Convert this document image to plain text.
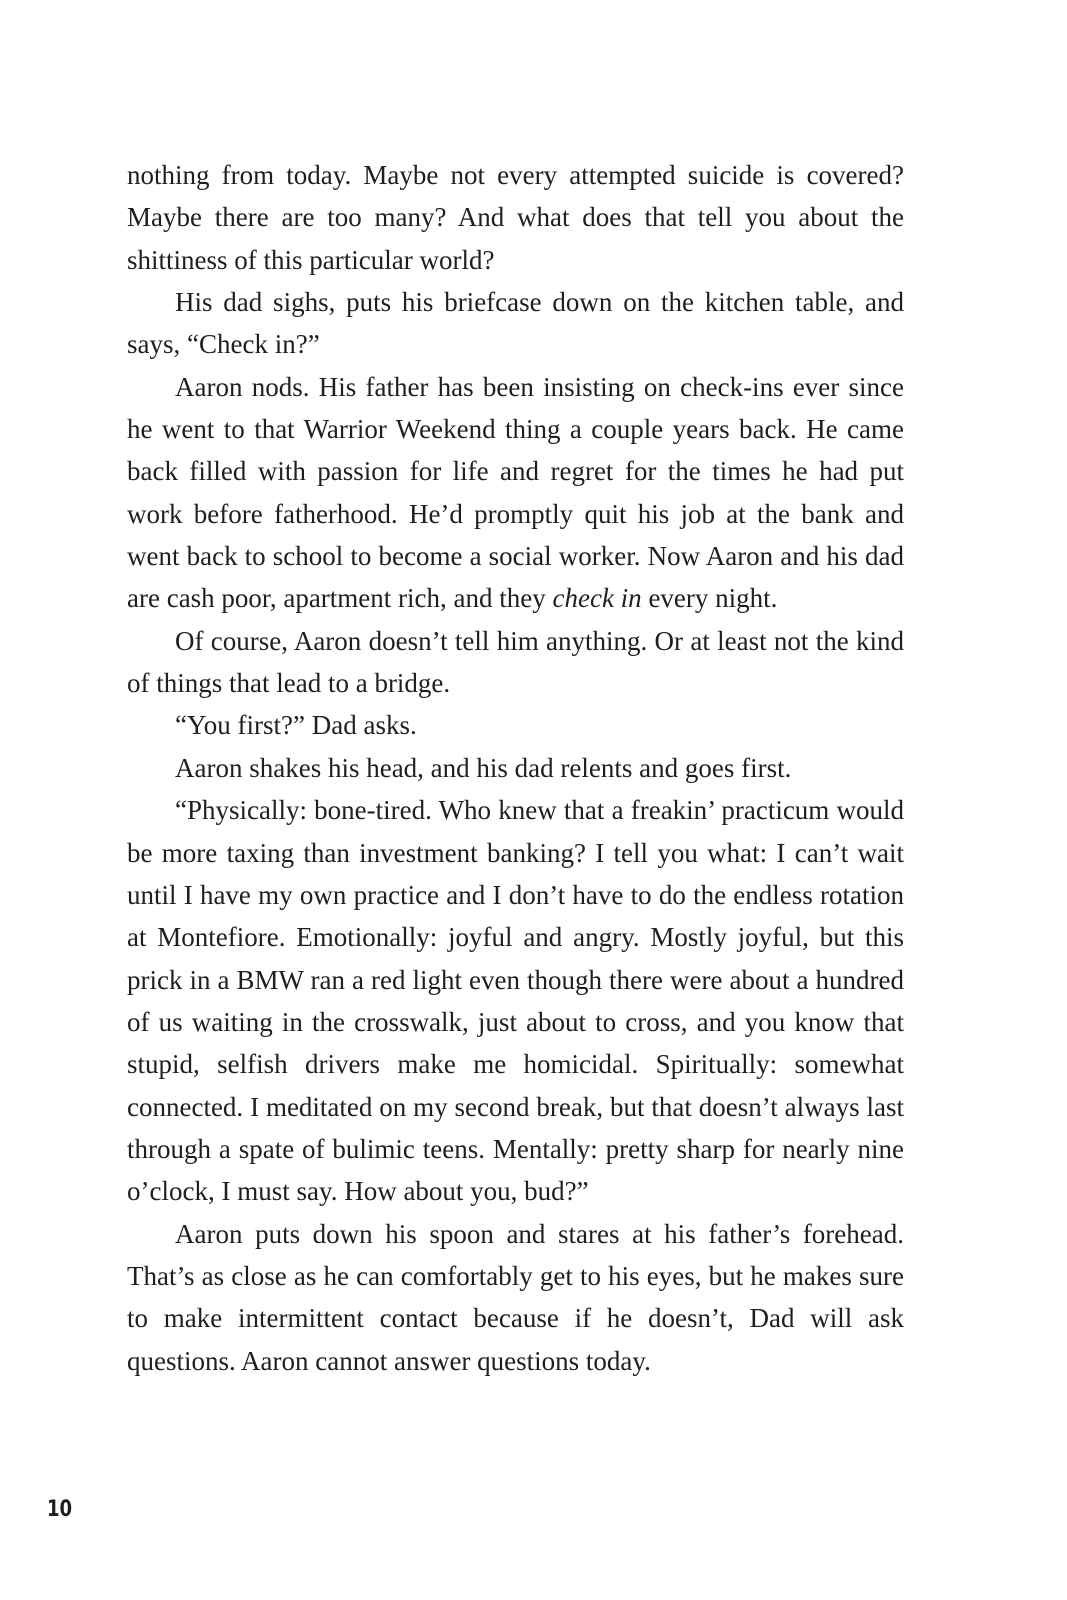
nothing from today. Maybe not every attempted suicide is covered? Maybe there are too many? And what does that tell you about the shittiness of this particular world?

His dad sighs, puts his briefcase down on the kitchen table, and says, “Check in?”

Aaron nods. His father has been insisting on check-ins ever since he went to that Warrior Weekend thing a couple years back. He came back filled with passion for life and regret for the times he had put work before fatherhood. He’d promptly quit his job at the bank and went back to school to become a social worker. Now Aaron and his dad are cash poor, apartment rich, and they check in every night.

Of course, Aaron doesn’t tell him anything. Or at least not the kind of things that lead to a bridge.

“You first?” Dad asks.

Aaron shakes his head, and his dad relents and goes first.

“Physically: bone-tired. Who knew that a freakin’ practicum would be more taxing than investment banking? I tell you what: I can’t wait until I have my own practice and I don’t have to do the endless rotation at Montefiore. Emotionally: joyful and angry. Mostly joyful, but this prick in a BMW ran a red light even though there were about a hundred of us waiting in the crosswalk, just about to cross, and you know that stupid, selfish drivers make me homicidal. Spiritually: somewhat connected. I meditated on my second break, but that doesn’t always last through a spate of bulimic teens. Mentally: pretty sharp for nearly nine o’clock, I must say. How about you, bud?”

Aaron puts down his spoon and stares at his father’s forehead. That’s as close as he can comfortably get to his eyes, but he makes sure to make intermittent contact because if he doesn’t, Dad will ask questions. Aaron cannot answer questions today.

10
